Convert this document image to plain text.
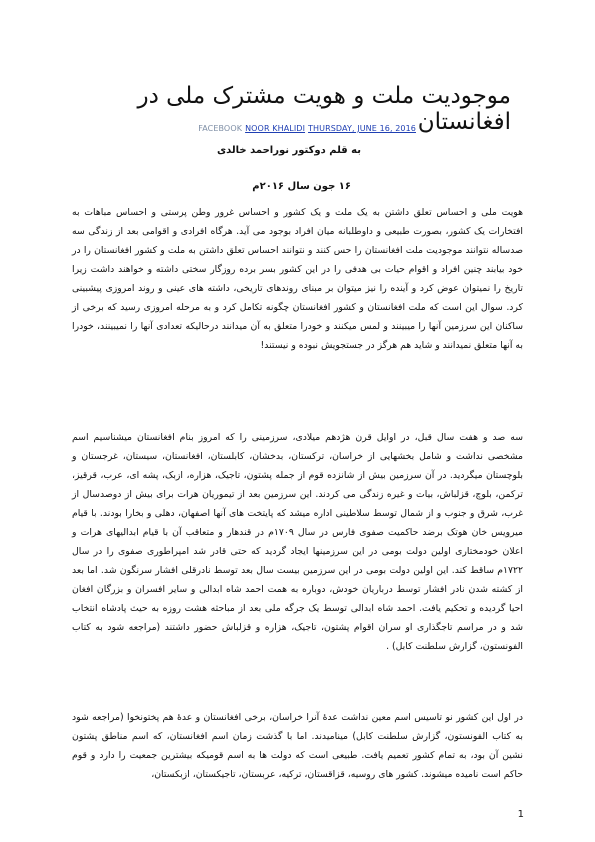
موجودیت ملت و هویت مشترک ملی در افغانستان
FACEBOOK NOOR KHALIDI THURSDAY, JUNE 16, 2016
به قلم دوکتور نوراحمد خالدی
۱۶ جون سال ۲۰۱۶م

هویت ملی و احساس تعلق داشتن به یک ملت و یک کشور و احساس غرور وطن پرستی و احساس مباهات به افتخارات یک کشور، بصورت طبیعی و داوطلبانه میان افراد بوجود می آید. هرگاه افرادی و اقوامی بعد از زندگی سه صدساله نتوانند موجودیت ملت افغانستان را حس کنند و نتوانند احساس تعلق داشتن به ملت و کشور افغانستان را در خود بیابند چنین افراد و اقوام حیات بی هدفی را در این کشور بسر برده روزگار سختی داشته و خواهند داشت زیرا تاریخ را نمیتوان عوض کرد و آینده را نیز میتوان بر مبنای روندهای تاریخی، داشته های عینی و روند امروزی پیشبینی کرد. سوال این است که ملت افغانستان و کشور افغانستان چگونه تکامل کرد و به مرحله امروزی رسید که برخی از ساکنان این سرزمین آنها را میبینند و لمس میکنند و خودرا متعلق به آن میدانند درحالیکه تعدادی آنها را نمیبینند، خودرا به آنها متعلق نمیدانند و شاید هم هرگز در جستجویش نبوده و نیستند!

سه صد و هفت سال قبل، در اوایل قرن هژدهم میلادی، سرزمینی را که امروز بنام افغانستان میشناسیم اسم مشخصی نداشت و شامل بخشهایی از خراسان، ترکستان، بدخشان، کابلستان، افغانستان، سیستان، غرجستان و بلوچستان میگردید. در آن سرزمین بیش از شانزده قوم از جمله پشتون، تاجیک، هزاره، ازبک، پشه ای، عرب، قرقیز، ترکمن، بلوچ، قزلباش، بیات و غیره زندگی می کردند. این سرزمین بعد از تیموریان هرات برای بیش از دوصدسال از غرب، شرق و جنوب و از شمال توسط سلاطینی اداره میشد که پایتخت های آنها اصفهان، دهلی و بخارا بودند. با قیام میرویس خان هوتک برضد حاکمیت صفوی فارس در سال ۱۷۰۹م در قندهار و متعاقب آن با قیام ابدالیهای هرات و اعلان خودمختاری اولین دولت بومی در این سرزمینها ایجاد گردید که حتی قادر شد امپراطوری صفوی را در سال ۱۷۲۲م ساقط کند. این اولین دولت بومی در این سرزمین بیست سال بعد توسط نادرقلی افشار سرنگون شد. اما بعد از کشته شدن نادر افشار توسط درباریان خودش، دوباره به همت احمد شاه ابدالی و سایر افسران و بزرگان افغان احیا گردیده و تحکیم یافت. احمد شاه ابدالی توسط یک جرگه ملی بعد از مباحثه هشت روزه به حیث پادشاه انتخاب شد و در مراسم تاجگذاری او سران اقوام پشتون، تاجیک، هزاره و قزلباش حضور داشتند (مراجعه شود به کتاب الفونستون، گزارش سلطنت کابل) .

در اول این کشور نو تاسیس اسم معین نداشت عدهٔ آنرا خراسان، برخی افغانستان و عدهٔ هم پختونخوا (مراجعه شود به کتاب الفونستون، گزارش سلطنت کابل) مینامیدند. اما با گذشت زمان اسم افغانستان، که اسم مناطق پشتون نشین آن بود، به تمام کشور تعمیم یافت. طبیعی است که دولت ها به اسم قومیکه بیشترین جمعیت را دارد و قوم حاکم است نامیده میشوند. کشور های روسیه، قزاقستان، ترکیه، عربستان، تاجیکستان، ازبکستان،

1
